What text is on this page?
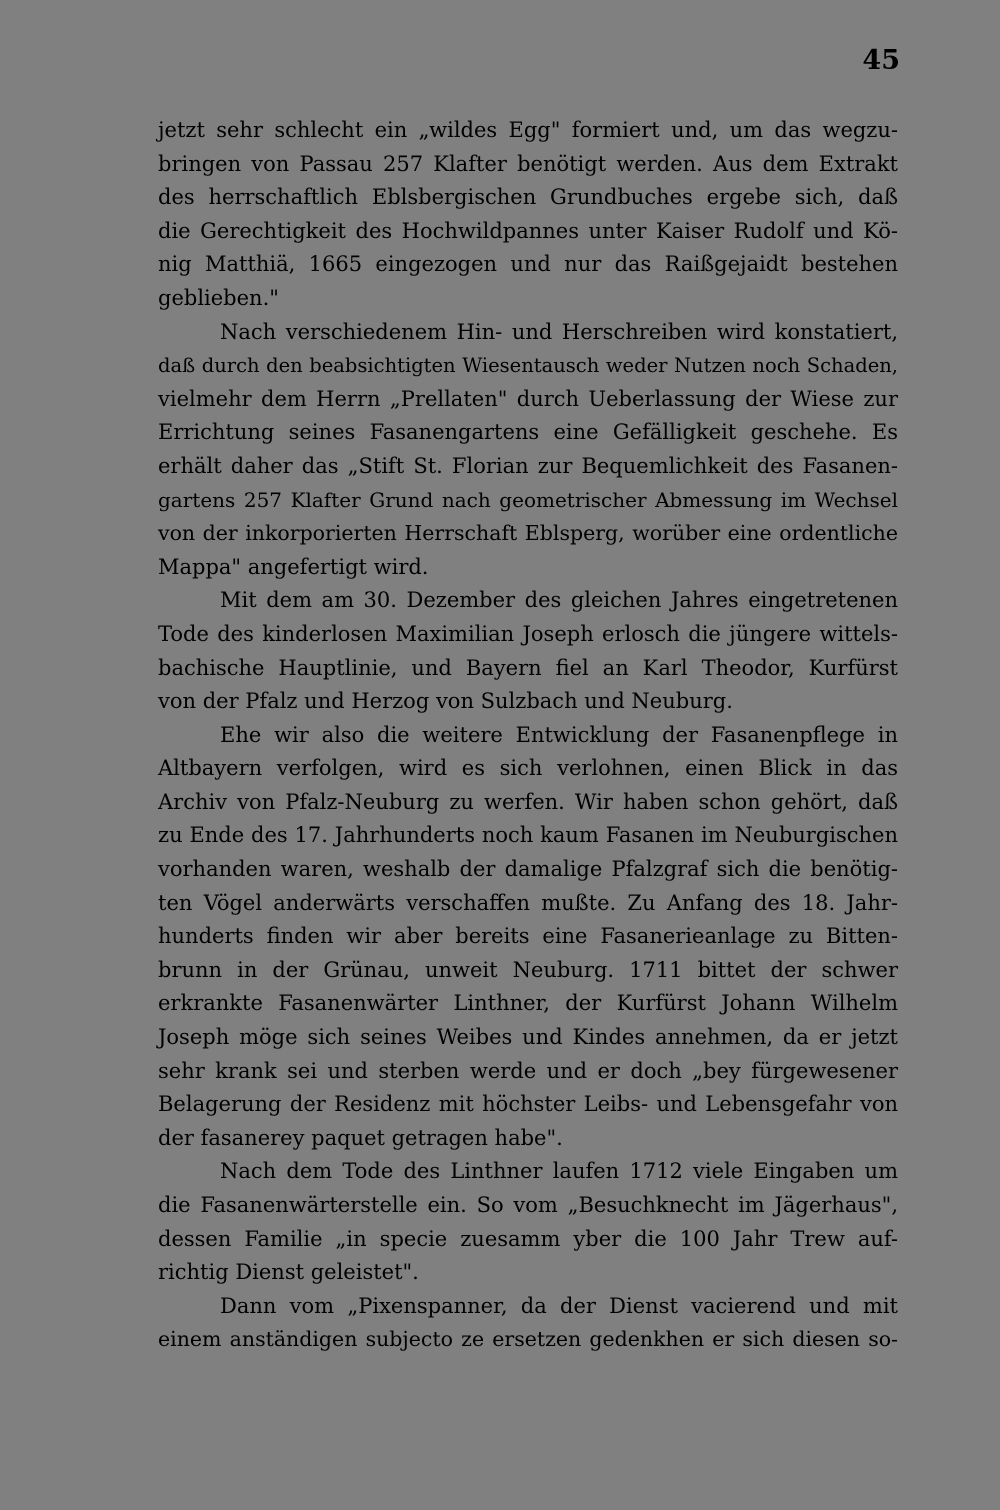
45
jetzt sehr schlecht ein „wildes Egg" formiert und, um das wegzu-
bringen von Passau 257 Klafter benötigt werden. Aus dem Extrakt
des herrschaftlich Eblsbergischen Grundbuches ergebe sich, daß
die Gerechtigkeit des Hochwildpannes unter Kaiser Rudolf und Kö-
nig Matthiä, 1665 eingezogen und nur das Raißgejaidt bestehen
geblieben."
Nach verschiedenem Hin- und Herschreiben wird konstatiert,
daß durch den beabsichtigten Wiesentausch weder Nutzen noch Schaden,
vielmehr dem Herrn „Prellaten" durch Ueberlassung der Wiese zur
Errichtung seines Fasanengartens eine Gefälligkeit geschehe. Es
erhält daher das „Stift St. Florian zur Bequemlichkeit des Fasanen-
gartens 257 Klafter Grund nach geometrischer Abmessung im Wechsel
von der inkorporierten Herrschaft Eblsperg, worüber eine ordentliche
Mappa" angefertigt wird.
Mit dem am 30. Dezember des gleichen Jahres eingetretenen
Tode des kinderlosen Maximilian Joseph erlosch die jüngere wittels-
bachische Hauptlinie, und Bayern fiel an Karl Theodor, Kurfürst
von der Pfalz und Herzog von Sulzbach und Neuburg.
Ehe wir also die weitere Entwicklung der Fasanenpflege in
Altbayern verfolgen, wird es sich verlohnen, einen Blick in das
Archiv von Pfalz-Neuburg zu werfen. Wir haben schon gehört, daß
zu Ende des 17. Jahrhunderts noch kaum Fasanen im Neuburgischen
vorhanden waren, weshalb der damalige Pfalzgraf sich die benötig-
ten Vögel anderwärts verschaffen mußte. Zu Anfang des 18. Jahr-
hunderts finden wir aber bereits eine Fasanerieanlage zu Bitten-
brunn in der Grünau, unweit Neuburg. 1711 bittet der schwer
erkrankte Fasanenwärter Linthner, der Kurfürst Johann Wilhelm
Joseph möge sich seines Weibes und Kindes annehmen, da er jetzt
sehr krank sei und sterben werde und er doch „bey fürgewesener
Belagerung der Residenz mit höchster Leibs- und Lebensgefahr von
der fasanerey paquet getragen habe".
Nach dem Tode des Linthner laufen 1712 viele Eingaben um
die Fasanenwärterstelle ein. So vom „Besuchknecht im Jägerhaus",
dessen Familie „in specie zuesamm yber die 100 Jahr Trew auf-
richtig Dienst geleistet".
Dann vom „Pixenspanner, da der Dienst vacierend und mit
einem anständigen subjecto ze ersetzen gedenkhen er sich diesen so-
